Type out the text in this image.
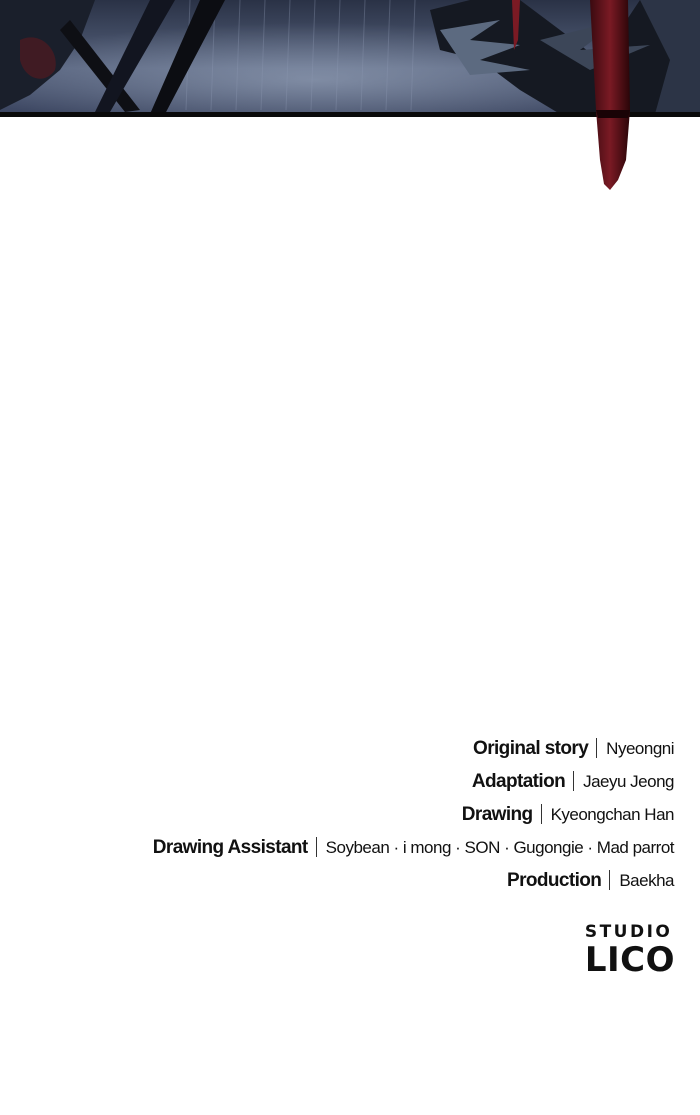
Original story Nyeongni
Adaptation Jaeyu Jeong
Drawing Kyeongchan Han
Drawing Assistant Soybean · i mong · SON · Gugongie · Mad parrot
Production Baekha
STUDIO
LICO
